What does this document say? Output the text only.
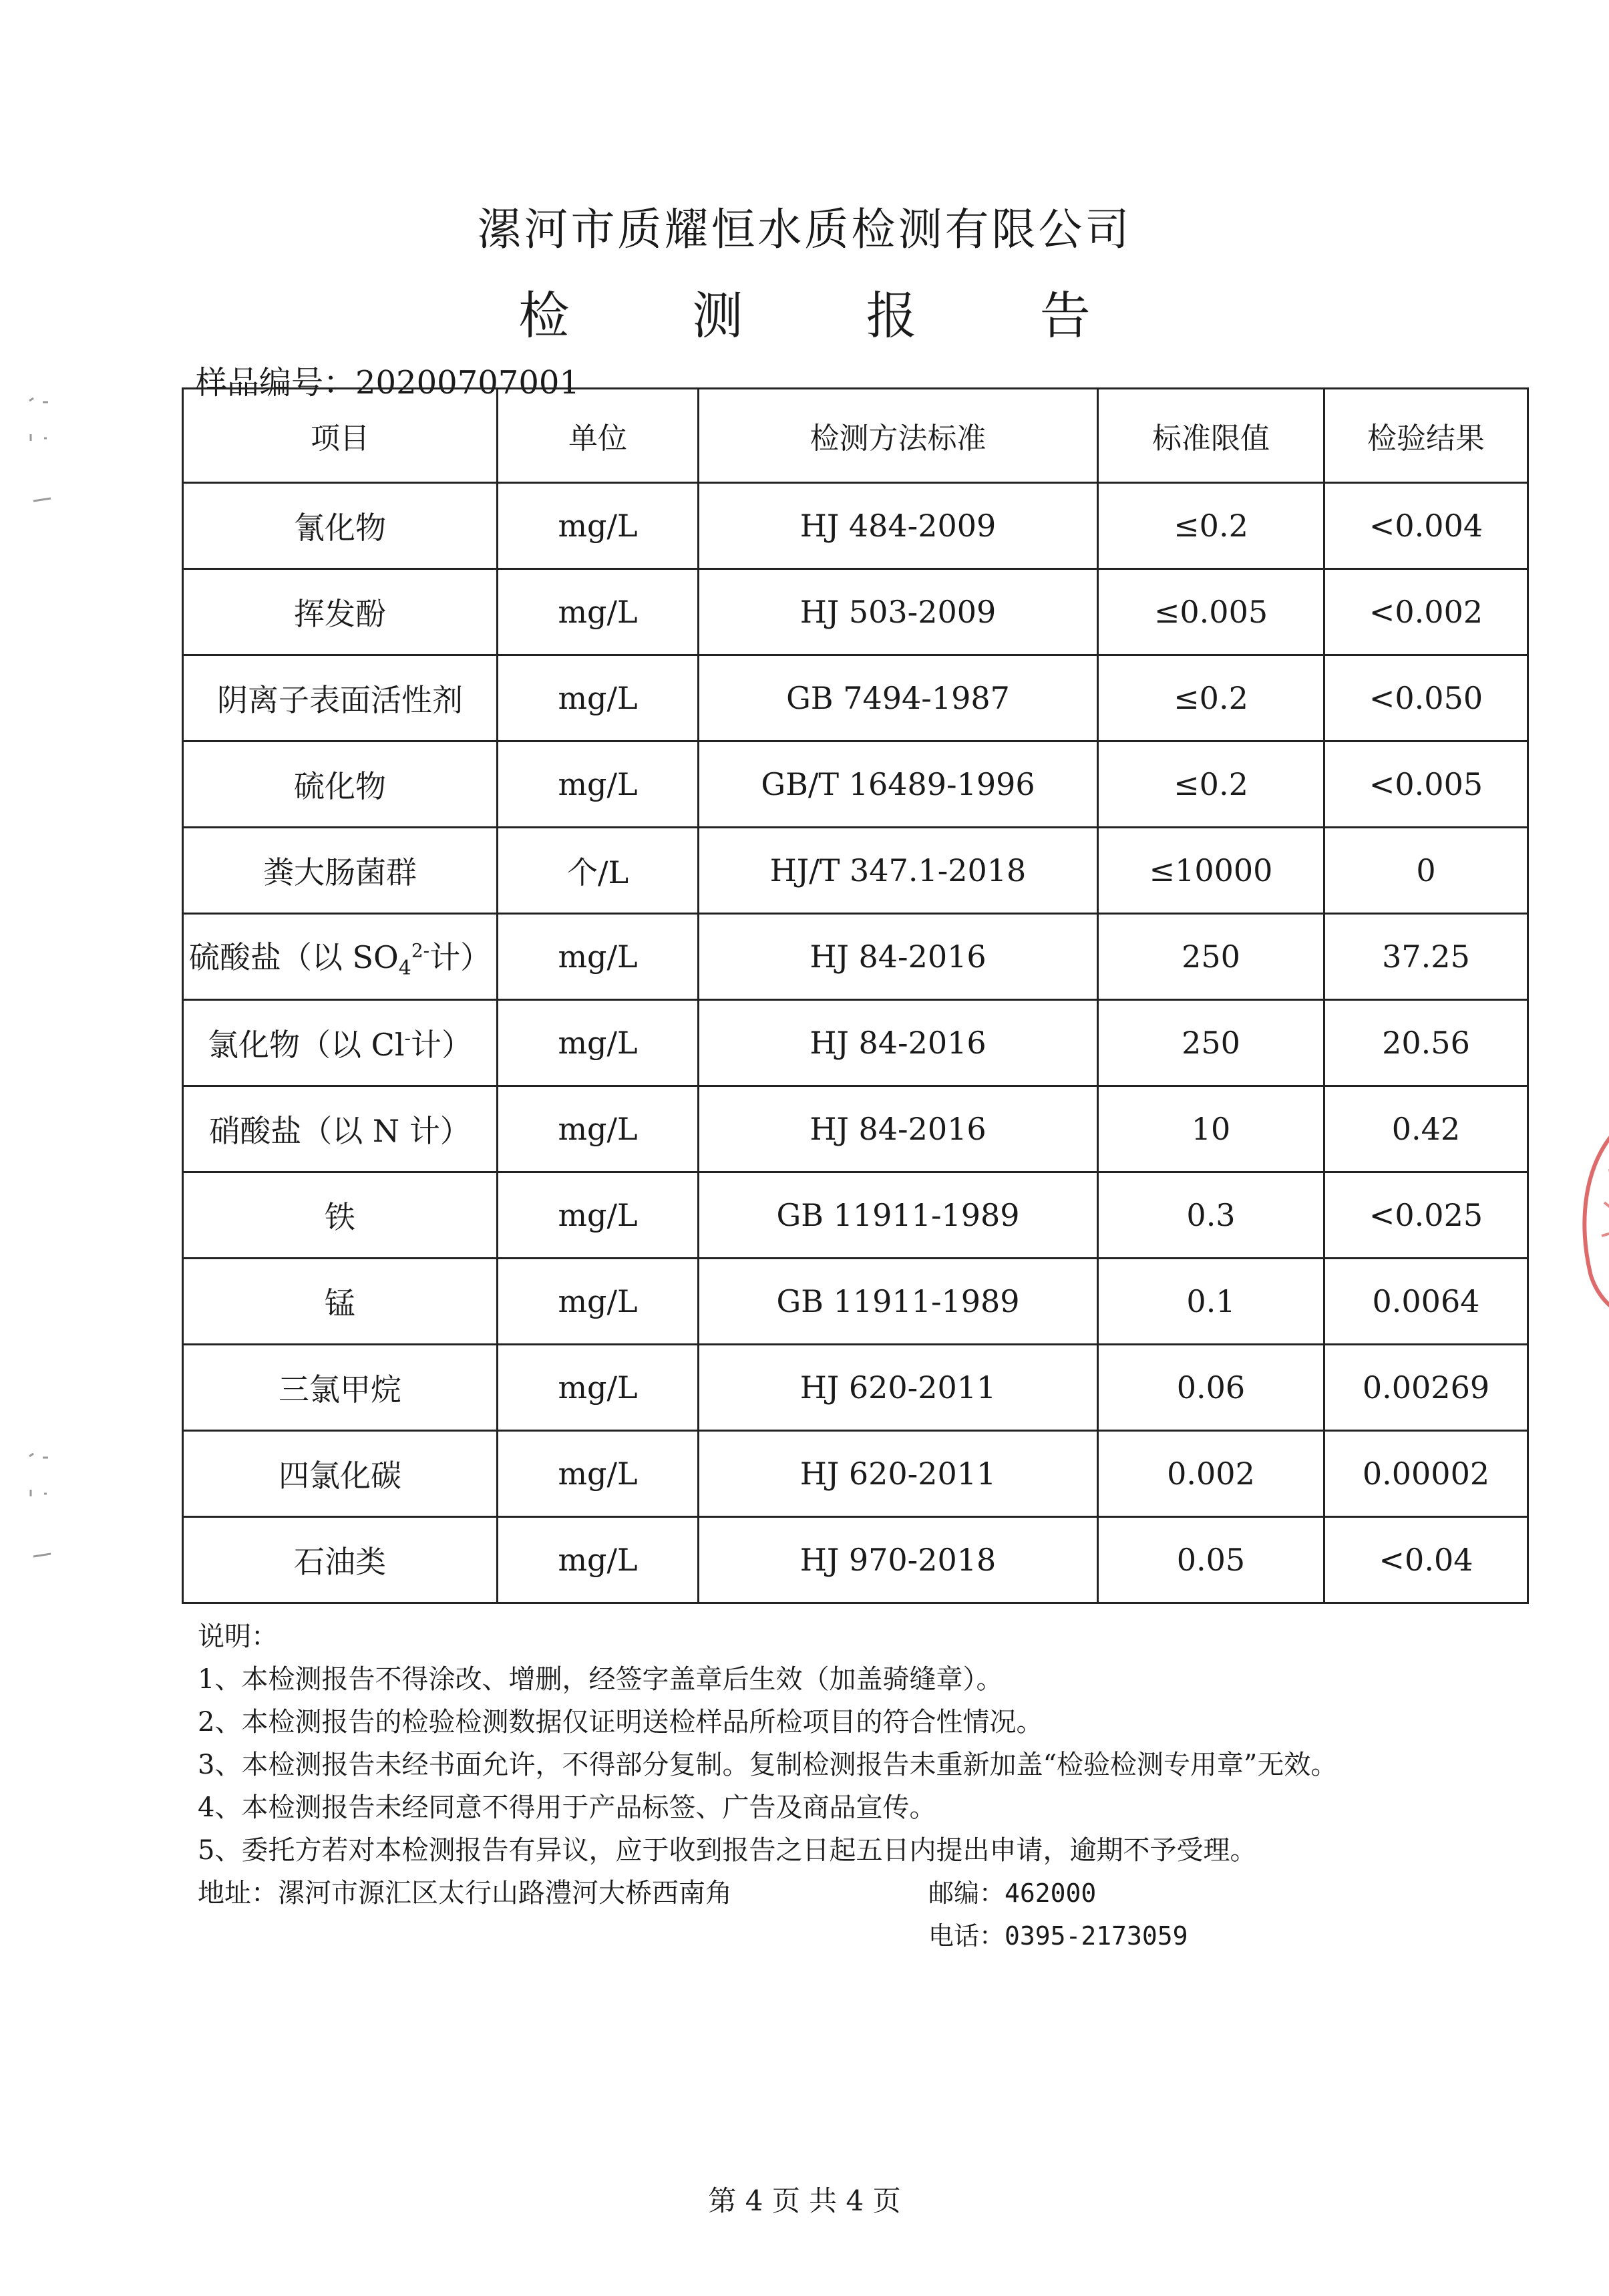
漯河市质耀恒水质检测有限公司
检 测 报 告
样品编号：20200707001
项目	单位	检测方法标准	标准限值	检验结果
氰化物	mg/L	HJ 484-2009	≤0.2	<0.004
挥发酚	mg/L	HJ 503-2009	≤0.005	<0.002
阴离子表面活性剂	mg/L	GB 7494-1987	≤0.2	<0.050
硫化物	mg/L	GB/T 16489-1996	≤0.2	<0.005
粪大肠菌群	个/L	HJ/T 347.1-2018	≤10000	0
硫酸盐（以 $SO_4^{2-}$计）	mg/L	HJ 84-2016	250	37.25
氯化物（以 Cl-计）	mg/L	HJ 84-2016	250	20.56
硝酸盐（以 N 计）	mg/L	HJ 84-2016	10	0.42
铁	mg/L	GB 11911-1989	0.3	<0.025
锰	mg/L	GB 11911-1989	0.1	0.0064
三氯甲烷	mg/L	HJ 620-2011	0.06	0.00269
四氯化碳	mg/L	HJ 620-2011	0.002	0.00002
石油类	mg/L	HJ 970-2018	0.05	<0.04
说明：
1、本检测报告不得涂改、增删，经签字盖章后生效（加盖骑缝章）。
2、本检测报告的检验检测数据仅证明送检样品所检项目的符合性情况。
3、本检测报告未经书面允许，不得部分复制。复制检测报告未重新加盖“检验检测专用章”无效。
4、本检测报告未经同意不得用于产品标签、广告及商品宣传。
5、委托方若对本检测报告有异议，应于收到报告之日起五日内提出申请，逾期不予受理。
地址：漯河市源汇区太行山路澧河大桥西南角	邮编：462000
电话：0395-2173059
第 4 页 共 4 页
